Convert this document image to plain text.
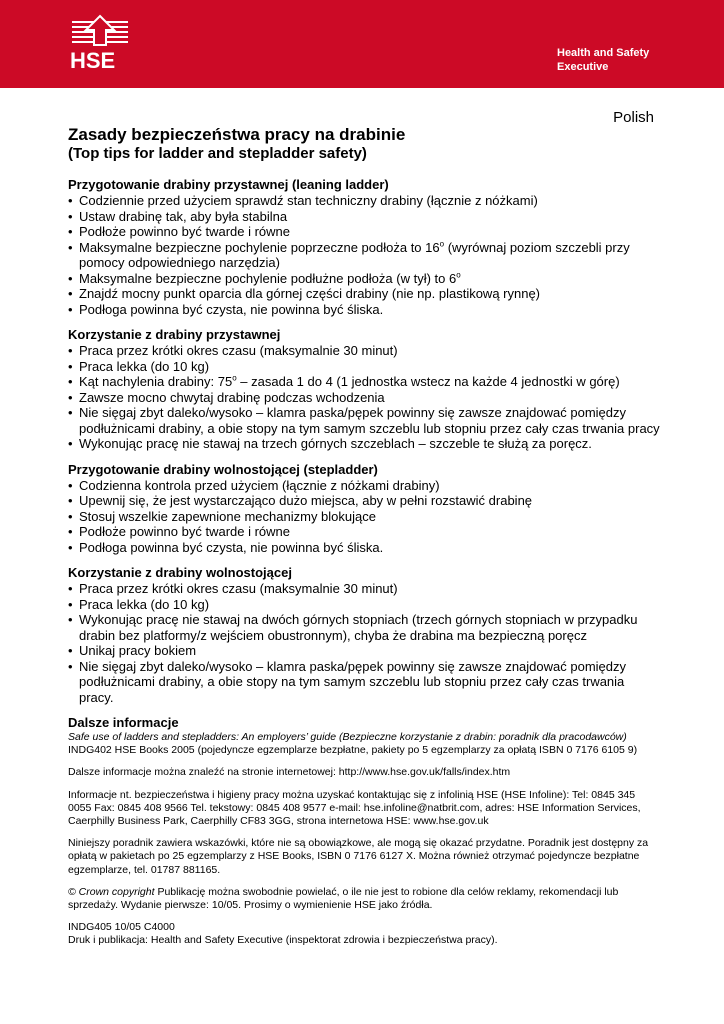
HSE	Health and Safety
Executive
Polish
Zasady bezpieczeństwa pracy na drabinie
(Top tips for ladder and stepladder safety)
Przygotowanie drabiny przystawnej (leaning ladder)
• Codziennie przed użyciem sprawdź stan techniczny drabiny (łącznie z nóżkami)
• Ustaw drabinę tak, aby była stabilna
• Podłoże powinno być twarde i równe
• Maksymalne bezpieczne pochylenie poprzeczne podłoża to 16$^o$ (wyrównaj poziom szczebli przy pomocy odpowiedniego narzędzia)
• Maksymalne bezpieczne pochylenie podłużne podłoża (w tył) to 6$^o$
• Znajdź mocny punkt oparcia dla górnej części drabiny (nie np. plastikową rynnę)
• Podłoga powinna być czysta, nie powinna być śliska.
Korzystanie z drabiny przystawnej
• Praca przez krótki okres czasu (maksymalnie 30 minut)
• Praca lekka (do 10 kg)
• Kąt nachylenia drabiny: 75$^o$ – zasada 1 do 4 (1 jednostka wstecz na każde 4 jednostki w górę)
• Zawsze mocno chwytaj drabinę podczas wchodzenia
• Nie sięgaj zbyt daleko/wysoko – klamra paska/pępek powinny się zawsze znajdować pomiędzy podłużnicami drabiny, a obie stopy na tym samym szczeblu lub stopniu przez cały czas trwania pracy
• Wykonując pracę nie stawaj na trzech górnych szczeblach – szczeble te służą za poręcz.
Przygotowanie drabiny wolnostojącej (stepladder)
• Codzienna kontrola przed użyciem (łącznie z nóżkami drabiny)
• Upewnij się, że jest wystarczająco dużo miejsca, aby w pełni rozstawić drabinę
• Stosuj wszelkie zapewnione mechanizmy blokujące
• Podłoże powinno być twarde i równe
• Podłoga powinna być czysta, nie powinna być śliska.
Korzystanie z drabiny wolnostojącej
• Praca przez krótki okres czasu (maksymalnie 30 minut)
• Praca lekka (do 10 kg)
• Wykonując pracę nie stawaj na dwóch górnych stopniach (trzech górnych stopniach w przypadku drabin bez platformy/z wejściem obustronnym), chyba że drabina ma bezpieczną poręcz
• Unikaj pracy bokiem
• Nie sięgaj zbyt daleko/wysoko – klamra paska/pępek powinny się zawsze znajdować pomiędzy podłużnicami drabiny, a obie stopy na tym samym szczeblu lub stopniu przez cały czas trwania pracy.
Dalsze informacje

Safe use of ladders and stepladders: An employers’ guide (Bezpieczne korzystanie z drabin: poradnik dla pracodawców)
INDG402 HSE Books 2005 (pojedyncze egzemplarze bezpłatne, pakiety po 5 egzemplarzy za opłatą ISBN 0 7176 6105 9)

Dalsze informacje można znaleźć na stronie internetowej: http://www.hse.gov.uk/falls/index.htm

Informacje nt. bezpieczeństwa i higieny pracy można uzyskać kontaktując się z infolinią HSE (HSE Infoline): Tel: 0845 345 0055 Fax: 0845 408 9566 Tel. tekstowy: 0845 408 9577 e-mail: hse.infoline@natbrit.com, adres: HSE Information Services, Caerphilly Business Park, Caerphilly CF83 3GG, strona internetowa HSE: www.hse.gov.uk

Niniejszy poradnik zawiera wskazówki, które nie są obowiązkowe, ale mogą się okazać przydatne. Poradnik jest dostępny za opłatą w pakietach po 25 egzemplarzy z HSE Books, ISBN 0 7176 6127 X. Można również otrzymać pojedyncze bezpłatne egzemplarze, tel. 01787 881165.

© Crown copyright Publikację można swobodnie powielać, o ile nie jest to robione dla celów reklamy, rekomendacji lub sprzedaży. Wydanie pierwsze: 10/05. Prosimy o wymienienie HSE jako źródła.

INDG405 10/05 C4000
Druk i publikacja: Health and Safety Executive (inspektorat zdrowia i bezpieczeństwa pracy).
